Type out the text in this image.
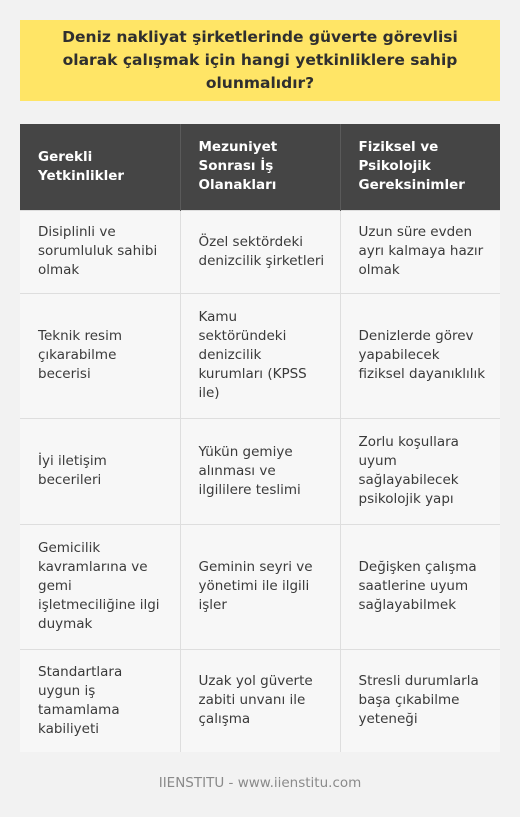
Deniz nakliyat şirketlerinde güverte görevlisi olarak çalışmak için hangi yetkinliklere sahip olunmalıdır?
Gerekli Yetkinlikler	Mezuniyet Sonrası İş Olanakları	Fiziksel ve Psikolojik Gereksinimler
Disiplinli ve sorumluluk sahibi olmak	Özel sektördeki denizcilik şirketleri	Uzun süre evden ayrı kalmaya hazır olmak
Teknik resim çıkarabilme becerisi	Kamu sektöründeki denizcilik kurumları (KPSS ile)	Denizlerde görev yapabilecek fiziksel dayanıklılık
İyi iletişim becerileri	Yükün gemiye alınması ve ilgililere teslimi	Zorlu koşullara uyum sağlayabilecek psikolojik yapı
Gemicilik kavramlarına ve gemi işletmeciliğine ilgi duymak	Geminin seyri ve yönetimi ile ilgili işler	Değişken çalışma saatlerine uyum sağlayabilmek
Standartlara uygun iş tamamlama kabiliyeti	Uzak yol güverte zabiti unvanı ile çalışma	Stresli durumlarla başa çıkabilme yeteneği
IIENSTITU - www.iienstitu.com
